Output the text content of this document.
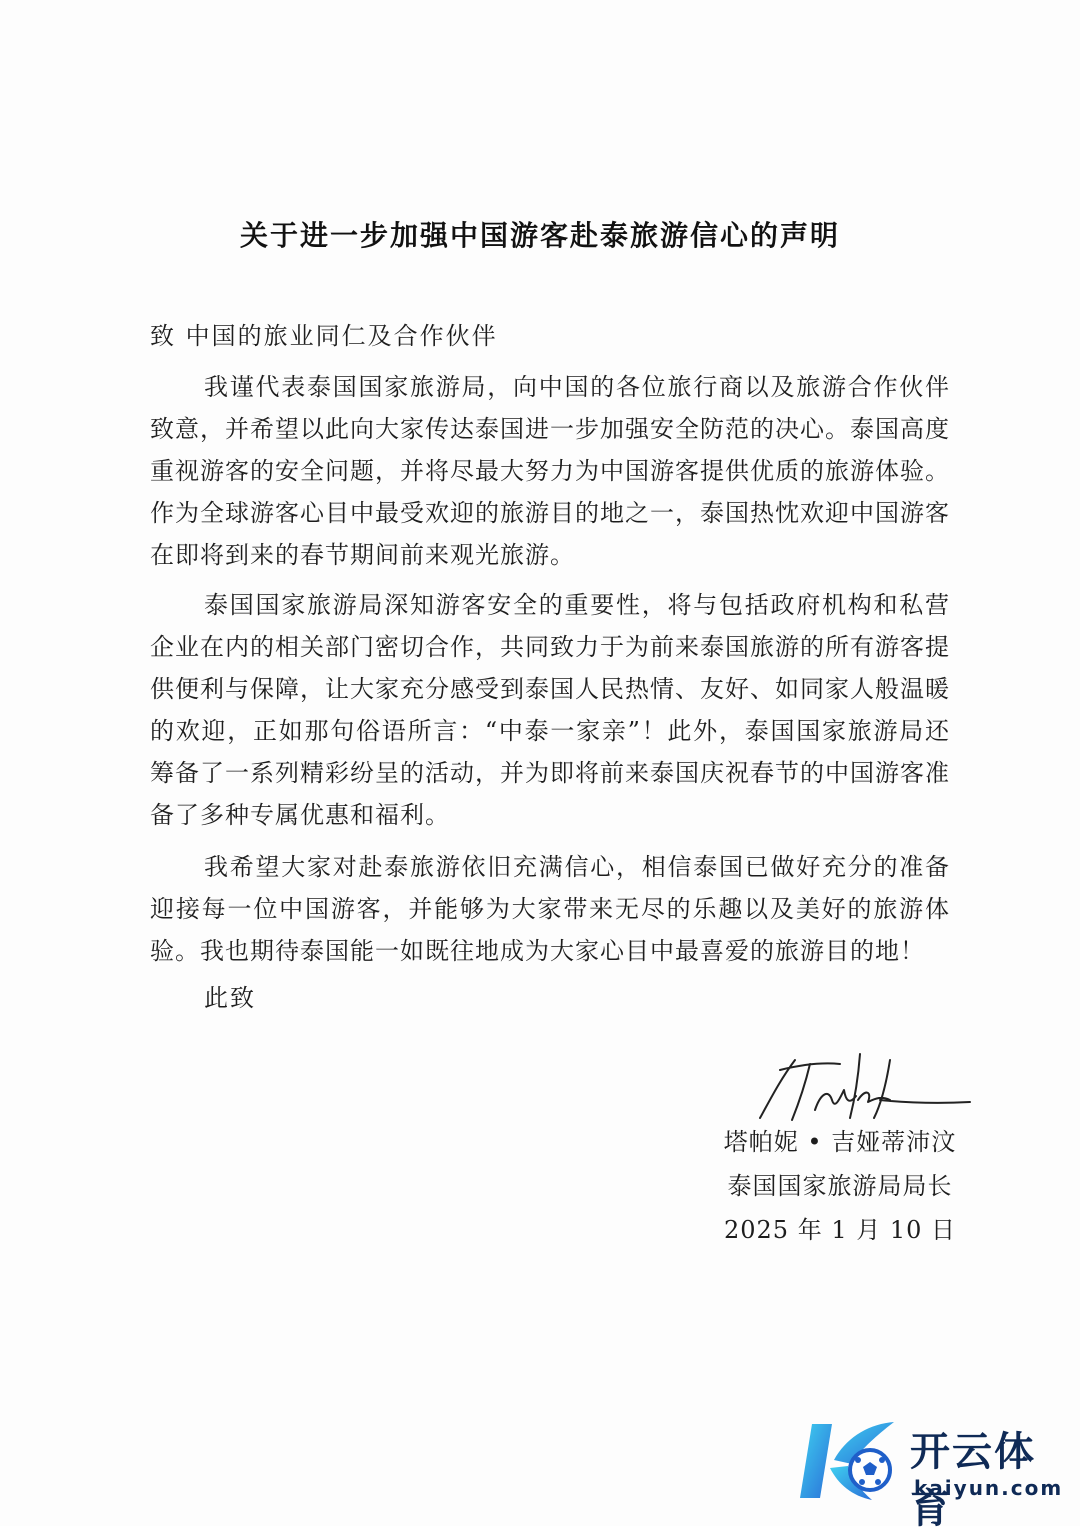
关于进一步加强中国游客赴泰旅游信心的声明
致 中国的旅业同仁及合作伙伴

我谨代表泰国国家旅游局，向中国的各位旅行商以及旅游合作伙伴致意，并希望以此向大家传达泰国进一步加强安全防范的决心。泰国高度重视游客的安全问题，并将尽最大努力为中国游客提供优质的旅游体验。作为全球游客心目中最受欢迎的旅游目的地之一，泰国热忱欢迎中国游客在即将到来的春节期间前来观光旅游。

泰国国家旅游局深知游客安全的重要性，将与包括政府机构和私营企业在内的相关部门密切合作，共同致力于为前来泰国旅游的所有游客提供便利与保障，让大家充分感受到泰国人民热情、友好、如同家人般温暖的欢迎，正如那句俗语所言：“中泰一家亲”！此外，泰国国家旅游局还筹备了一系列精彩纷呈的活动，并为即将前来泰国庆祝春节的中国游客准备了多种专属优惠和福利。

我希望大家对赴泰旅游依旧充满信心，相信泰国已做好充分的准备迎接每一位中国游客，并能够为大家带来无尽的乐趣以及美好的旅游体验。我也期待泰国能一如既往地成为大家心目中最喜爱的旅游目的地！

此致
塔帕妮 • 吉娅蒂沛汶
泰国国家旅游局局长
2025 年 1 月 10 日
开云体育
kaiyun.com
